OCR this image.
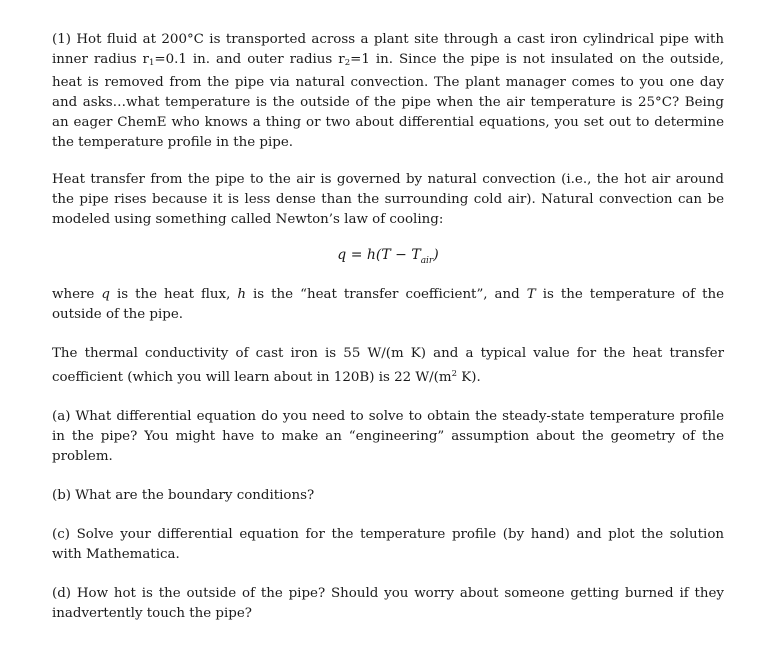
(1) Hot fluid at 200°C is transported across a plant site through a cast iron cylindrical pipe with inner radius $r_1=0.1$ in. and outer radius $r_2=1$ in. Since the pipe is not insulated on the outside, heat is removed from the pipe via natural convection. The plant manager comes to you one day and asks…what temperature is the outside of the pipe when the air temperature is 25°C? Being an eager ChemE who knows a thing or two about differential equations, you set out to determine the temperature profile in the pipe.

Heat transfer from the pipe to the air is governed by natural convection (i.e., the hot air around the pipe rises because it is less dense than the surrounding cold air). Natural convection can be modeled using something called Newton’s law of cooling:

$q = h(T - T_{air})$

where q is the heat flux, h is the “heat transfer coefficient”, and T is the temperature of the outside of the pipe.

The thermal conductivity of cast iron is 55 W/(m K) and a typical value for the heat transfer coefficient (which you will learn about in 120B) is 22 $W/(m^2$ K).

(a) What differential equation do you need to solve to obtain the steady-state temperature profile in the pipe? You might have to make an “engineering” assumption about the geometry of the problem.

(b) What are the boundary conditions?

(c) Solve your differential equation for the temperature profile (by hand) and plot the solution with Mathematica.

(d) How hot is the outside of the pipe? Should you worry about someone getting burned if they inadvertently touch the pipe?
